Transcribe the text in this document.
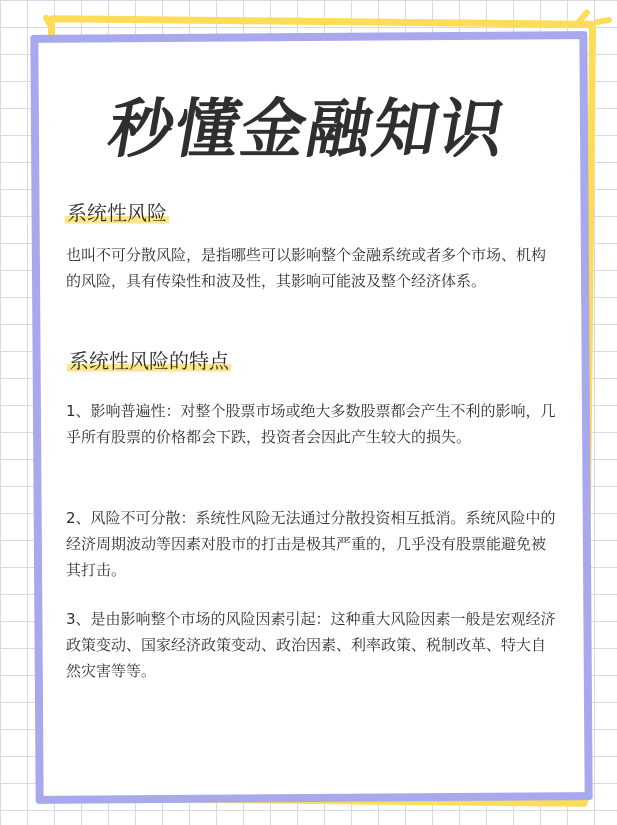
秒懂金融知识
系统性风险

也叫不可分散风险，是指哪些可以影响整个金融系统或者多个市场、机构的风险，具有传染性和波及性，其影响可能波及整个经济体系。

系统性风险的特点

1、影响普遍性：对整个股票市场或绝大多数股票都会产生不利的影响，几乎所有股票的价格都会下跌，投资者会因此产生较大的损失。

2、风险不可分散：系统性风险无法通过分散投资相互抵消。系统风险中的经济周期波动等因素对股市的打击是极其严重的，几乎没有股票能避免被其打击。

3、是由影响整个市场的风险因素引起：这种重大风险因素一般是宏观经济政策变动、国家经济政策变动、政治因素、利率政策、税制改革、特大自然灾害等等。
